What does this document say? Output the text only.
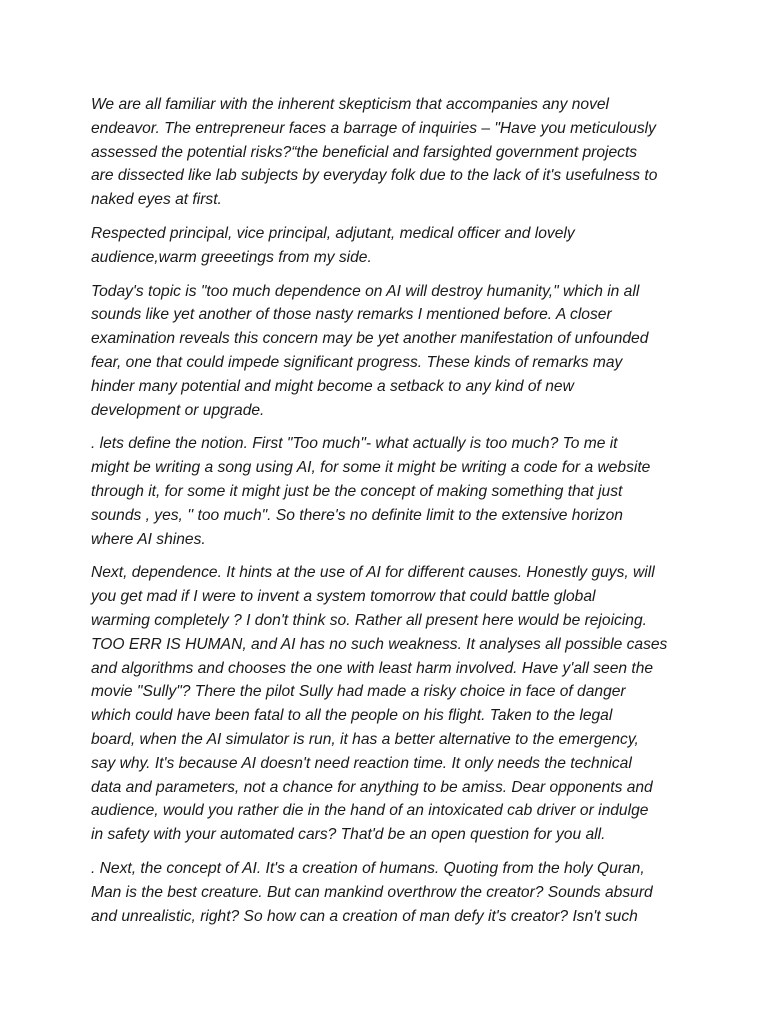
We are all familiar with the inherent skepticism that accompanies any novel
endeavor. The entrepreneur faces a barrage of inquiries – "Have you meticulously
assessed the potential risks?“the beneficial and farsighted government projects
are dissected like lab subjects by everyday folk due to the lack of it's usefulness to
naked eyes at first.
Respected principal, vice principal, adjutant, medical officer and lovely
audience,warm greeetings from my side.
Today's topic is "too much dependence on AI will destroy humanity," which in all
sounds like yet another of those nasty remarks I mentioned before. A closer
examination reveals this concern may be yet another manifestation of unfounded
fear, one that could impede significant progress. These kinds of remarks may
hinder many potential and might become a setback to any kind of new
development or upgrade.
. lets define the notion. First "Too much"- what actually is too much? To me it
might be writing a song using AI, for some it might be writing a code for a website
through it, for some it might just be the concept of making something that just
sounds , yes, '' too much". So there's no definite limit to the extensive horizon
where AI shines.
Next, dependence. It hints at the use of AI for different causes. Honestly guys, will
you get mad if I were to invent a system tomorrow that could battle global
warming completely ? I don't think so. Rather all present here would be rejoicing.
TOO ERR IS HUMAN, and AI has no such weakness. It analyses all possible cases
and algorithms and chooses the one with least harm involved. Have y'all seen the
movie "Sully"? There the pilot Sully had made a risky choice in face of danger
which could have been fatal to all the people on his flight. Taken to the legal
board, when the AI simulator is run, it has a better alternative to the emergency,
say why. It's because AI doesn't need reaction time. It only needs the technical
data and parameters, not a chance for anything to be amiss. Dear opponents and
audience, would you rather die in the hand of an intoxicated cab driver or indulge
in safety with your automated cars? That'd be an open question for you all.
. Next, the concept of AI. It's a creation of humans. Quoting from the holy Quran,
Man is the best creature. But can mankind overthrow the creator? Sounds absurd
and unrealistic, right? So how can a creation of man defy it's creator? Isn't such
